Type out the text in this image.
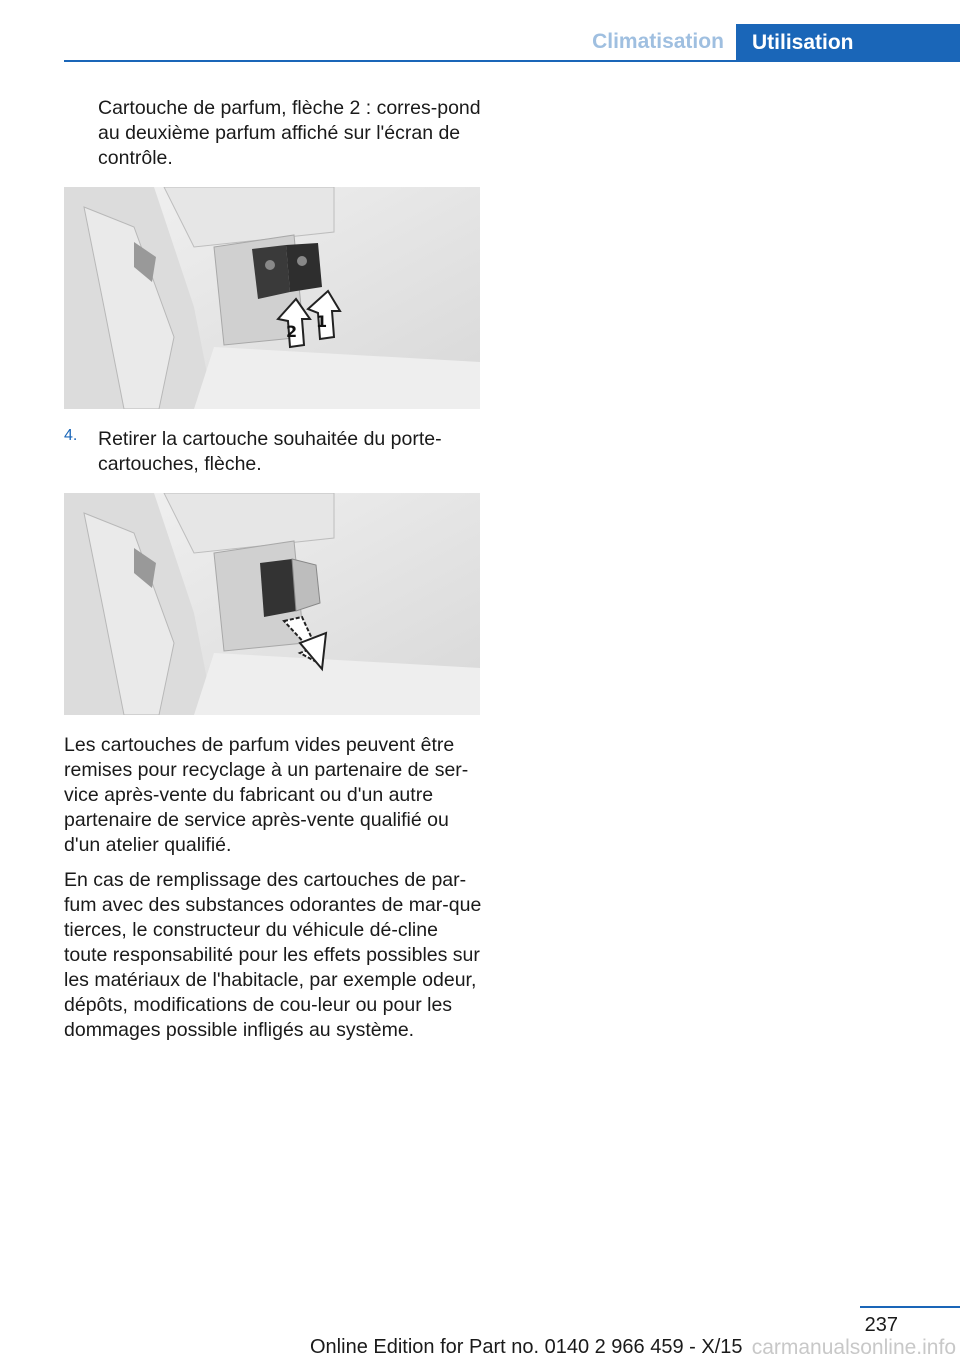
Climatisation	Utilisation

Cartouche de parfum, flèche 2 : corres‐pond au deuxième parfum affiché sur l'écran de contrôle.

2
1
4. Retirer la cartouche souhaitée du porte‐cartouches, flèche.

Les cartouches de parfum vides peuvent être remises pour recyclage à un partenaire de ser‐vice après-vente du fabricant ou d'un autre partenaire de service après-vente qualifié ou d'un atelier qualifié.

En cas de remplissage des cartouches de par‐fum avec des substances odorantes de mar‐que tierces, le constructeur du véhicule dé‐cline toute responsabilité pour les effets possibles sur les matériaux de l'habitacle, par exemple odeur, dépôts, modifications de cou‐leur ou pour les dommages possible infligés au système.

237
Online Edition for Part no. 0140 2 966 459 - X/15 carmanualsonline.info
